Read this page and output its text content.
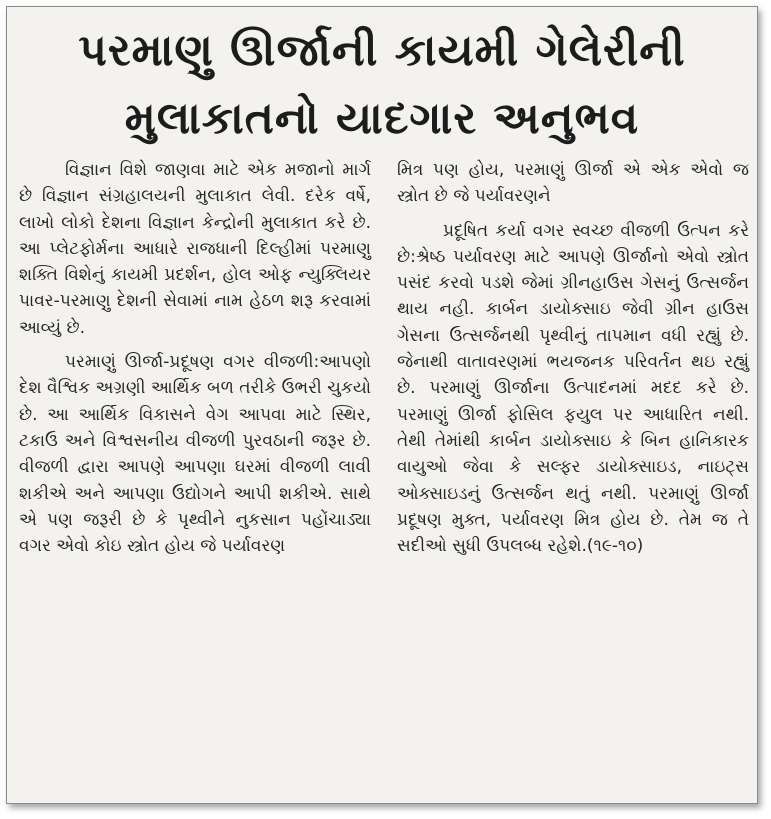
પરમાણુ ઊર્જાની કાયમી ગેલેરીની
મુલાકાતનો યાદગાર અનુભવ

વિજ્ઞાન વિશે જાણવા માટે એક મજાનો માર્ગ છે વિજ્ઞાન સંગ્રહાલયની મુલાકાત લેવી. દરેક વર્ષે, લાખો લોકો દેશના વિજ્ઞાન કેન્દ્રોની મુલાકાત કરે છે. આ પ્લેટફોર્મના આધારે રાજધાની દિલ્હીમાં પરમાણુ શક્તિ વિશેનું કાયમી પ્રદર્શન, હોલ ઓફ ન્યુક્લિયર પાવર-પરમાણુ દેશની સેવામાં નામ હેઠળ શરૂ કરવામાં આવ્યું છે.

પરમાણું ઊર્જા-પ્રદૂષણ વગર વીજળી:આપણો દેશ વૈશ્વિક અગ્રણી આર્થિક બળ તરીકે ઉભરી ચુકયો છે. આ આર્થિક વિકાસને વેગ આપવા માટે સ્થિર, ટકાઉ અને વિશ્વસનીય વીજળી પુરવઠાની જરૂર છે. વીજળી દ્વારા આપણે આપણા ઘરમાં વીજળી લાવી શકીએ અને આપણા ઉદ્યોગને આપી શકીએ. સાથે એ પણ જરૂરી છે કે પૃથ્વીને નુકસાન પહોંચાડ્યા વગર એવો કોઇ સ્ત્રોત હોય જે પર્યાવરણ

મિત્ર પણ હોય, પરમાણું ઊર્જા એ એક એવો જ સ્ત્રોત છે જે પર્યાવરણને

પ્રદૂષિત કર્યા વગર સ્વચ્છ વીજળી ઉત્પન કરે છે:શ્રેષ્ઠ પર્યાવરણ માટે આપણે ઊર્જાનો એવો સ્ત્રોત પસંદ કરવો પડશે જેમાં ગ્રીનહાઉસ ગેસનું ઉત્સર્જન થાય નહી. કાર્બન ડાયોક્સાઇ જેવી ગ્રીન હાઉસ ગેસના ઉત્સર્જનથી પૃથ્વીનું તાપમાન વધી રહ્યું છે. જેનાથી વાતાવરણમાં ભયજનક પરિવર્તન થઇ રહ્યું છે. પરમાણું ઊર્જાના ઉત્પાદનમાં મદદ કરે છે. પરમાણું ઊર્જા ફોસિલ ફયુલ પર આધારિત નથી. તેથી તેમાંથી કાર્બન ડાયોક્સાઇ કે બિન હાનિકારક વાયુઓ જેવા કે સલ્ફર ડાયોક્સાઇડ, નાઇટ્સ ઓક્સાઇડનું ઉત્સર્જન થતું નથી. પરમાણું ઊર્જા પ્રદૂષણ મુક્ત, પર્યાવરણ મિત્ર હોય છે. તેમ જ તે સદીઓ સુધી ઉપલબ્ધ રહેશે.(૧૯-૧૦)
